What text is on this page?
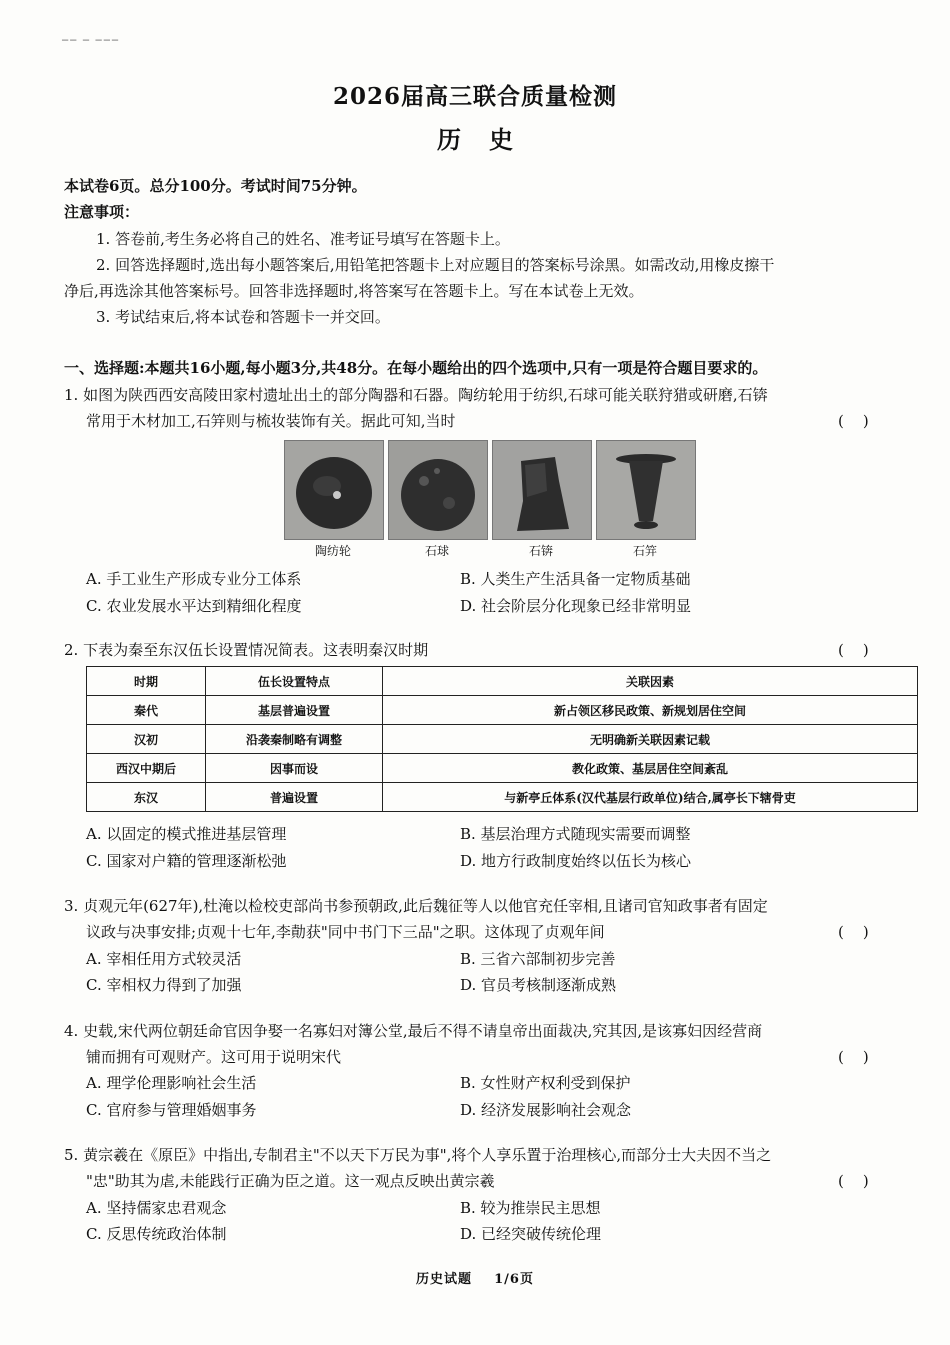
▔▔ ▔ ▔▔▔
2026届高三联合质量检测
历史
本试卷6页。总分100分。考试时间75分钟。
注意事项：
1. 答卷前,考生务必将自己的姓名、准考证号填写在答题卡上。
2. 回答选择题时,选出每小题答案后,用铅笔把答题卡上对应题目的答案标号涂黑。如需改动,用橡皮擦干
净后,再选涂其他答案标号。回答非选择题时,将答案写在答题卡上。写在本试卷上无效。
3. 考试结束后,将本试卷和答题卡一并交回。
一、选择题:本题共16小题,每小题3分,共48分。在每小题给出的四个选项中,只有一项是符合题目要求的。
1. 如图为陕西西安高陵田家村遗址出土的部分陶器和石器。陶纺轮用于纺织,石球可能关联狩猎或研磨,石锛
常用于木材加工,石笄则与梳妆装饰有关。据此可知,当时	(    )
陶纺轮	石球	石锛	石笄
A. 手工业生产形成专业分工体系	B. 人类生产生活具备一定物质基础
C. 农业发展水平达到精细化程度	D. 社会阶层分化现象已经非常明显
2. 下表为秦至东汉伍长设置情况简表。这表明秦汉时期	(    )
时期	伍长设置特点	关联因素
秦代	基层普遍设置	新占领区移民政策、新规划居住空间
汉初	沿袭秦制略有调整	无明确新关联因素记载
西汉中期后	因事而设	教化政策、基层居住空间紊乱
东汉	普遍设置	与新亭丘体系(汉代基层行政单位)结合,属亭长下辖骨吏
A. 以固定的模式推进基层管理	B. 基层治理方式随现实需要而调整
C. 国家对户籍的管理逐渐松弛	D. 地方行政制度始终以伍长为核心
3. 贞观元年(627年),杜淹以检校吏部尚书参预朝政,此后魏征等人以他官充任宰相,且诸司官知政事者有固定
议政与决事安排;贞观十七年,李勣获"同中书门下三品"之职。这体现了贞观年间	(    )
A. 宰相任用方式较灵活	B. 三省六部制初步完善
C. 宰相权力得到了加强	D. 官员考核制逐渐成熟
4. 史载,宋代两位朝廷命官因争娶一名寡妇对簿公堂,最后不得不请皇帝出面裁决,究其因,是该寡妇因经营商
铺而拥有可观财产。这可用于说明宋代	(    )
A. 理学伦理影响社会生活	B. 女性财产权利受到保护
C. 官府参与管理婚姻事务	D. 经济发展影响社会观念
5. 黄宗羲在《原臣》中指出,专制君主"不以天下万民为事",将个人享乐置于治理核心,而部分士大夫因不当之
"忠"助其为虐,未能践行正确为臣之道。这一观点反映出黄宗羲	(    )
A. 坚持儒家忠君观念	B. 较为推崇民主思想
C. 反思传统政治体制	D. 已经突破传统伦理
历史试题    1/6页
